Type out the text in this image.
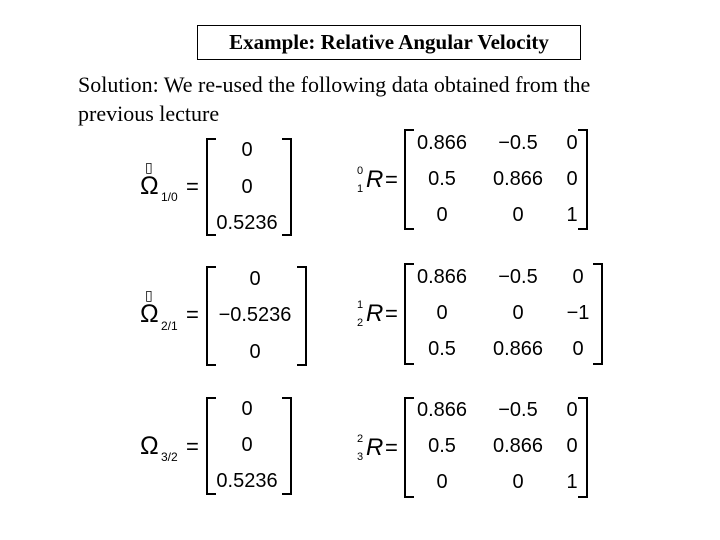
Example: Relative Angular Velocity
Solution: We re-used the following data obtained from the
previous lecture
▯
Ω 1/0 =
0
0
0.5236
0
1 R =
0.866	−0.5	0
0.5	0.866	0
0	0	1
▯
Ω 2/1 =
0
−0.5236
0
1
2 R =
0.866	−0.5	0
0	0	−1
0.5	0.866	0
Ω 3/2 =
0
0
0.5236
2
3 R =
0.866	−0.5	0
0.5	0.866	0
0	0	1
